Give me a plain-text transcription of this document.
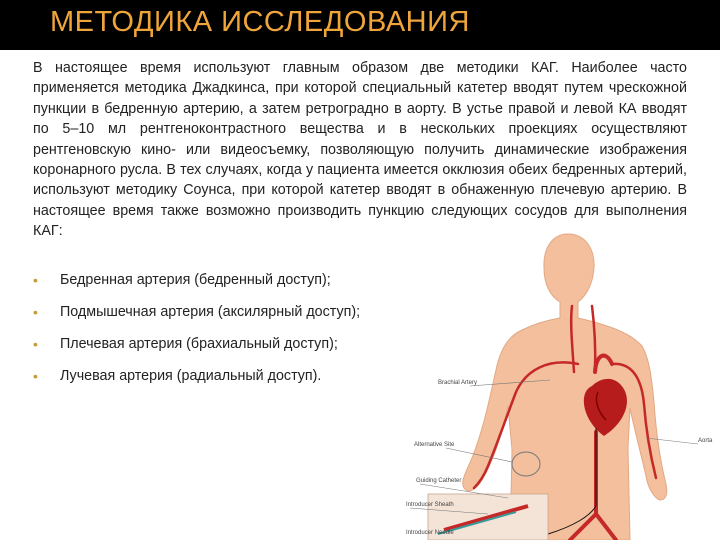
МЕТОДИКА ИССЛЕДОВАНИЯ
В настоящее время используют главным образом две методики КАГ. Наиболее часто применяется методика Джадкинса, при которой специальный катетер вводят путем чрескожной пункции в бедренную артерию, а затем ретроградно в аорту. В устье правой и левой КА вводят по 5–10 мл рентгеноконтрастного вещества и в нескольких проекциях осуществляют рентгеновскую кино- или видеосъемку, позволяющую получить динамические изображения коронарного русла. В тех случаях, когда у пациента имеется окклюзия обеих бедренных артерий, используют методику Соунса, при которой катетер вводят в обнаженную плечевую артерию. В настоящее время также возможно производить пункцию следующих сосудов для выполнения КАГ:
• Бедренная артерия (бедренный доступ);
• Подмышечная артерия (аксилярный доступ);
• Плечевая артерия (брахиальный доступ);
• Лучевая артерия (радиальный доступ).	Brachial Artery
Alternative Site
Aorta
Guiding Catheter
Introducer Sheath
Introducer Needle
